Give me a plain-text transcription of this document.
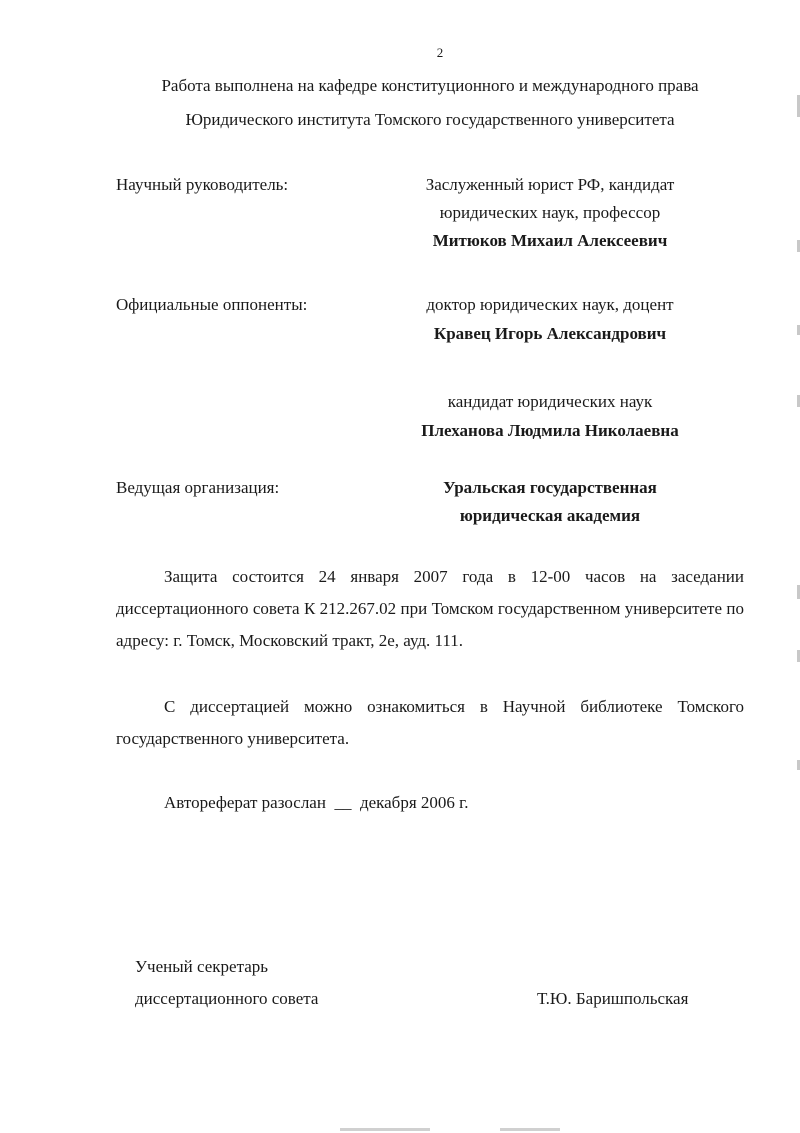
2
Работа выполнена на кафедре конституционного и международного права
Юридического института Томского государственного университета
Научный руководитель:	Заслуженный юрист РФ, кандидат
юридических наук, профессор
Митюков Михаил Алексеевич
Официальные оппоненты:	доктор юридических наук, доцент
Кравец Игорь Александрович
кандидат юридических наук
Плеханова Людмила Николаевна
Ведущая организация:	Уральская государственная
юридическая академия
Защита состоится 24 января 2007 года в 12-00 часов на заседании диссертационного совета К 212.267.02 при Томском государственном университете по адресу: г. Томск, Московский тракт, 2е, ауд. 111.
С диссертацией можно ознакомиться в Научной библиотеке Томского государственного университета.
Автореферат разослан  __  декабря 2006 г.
Ученый секретарь
диссертационного совета	Т.Ю. Баришпольская
